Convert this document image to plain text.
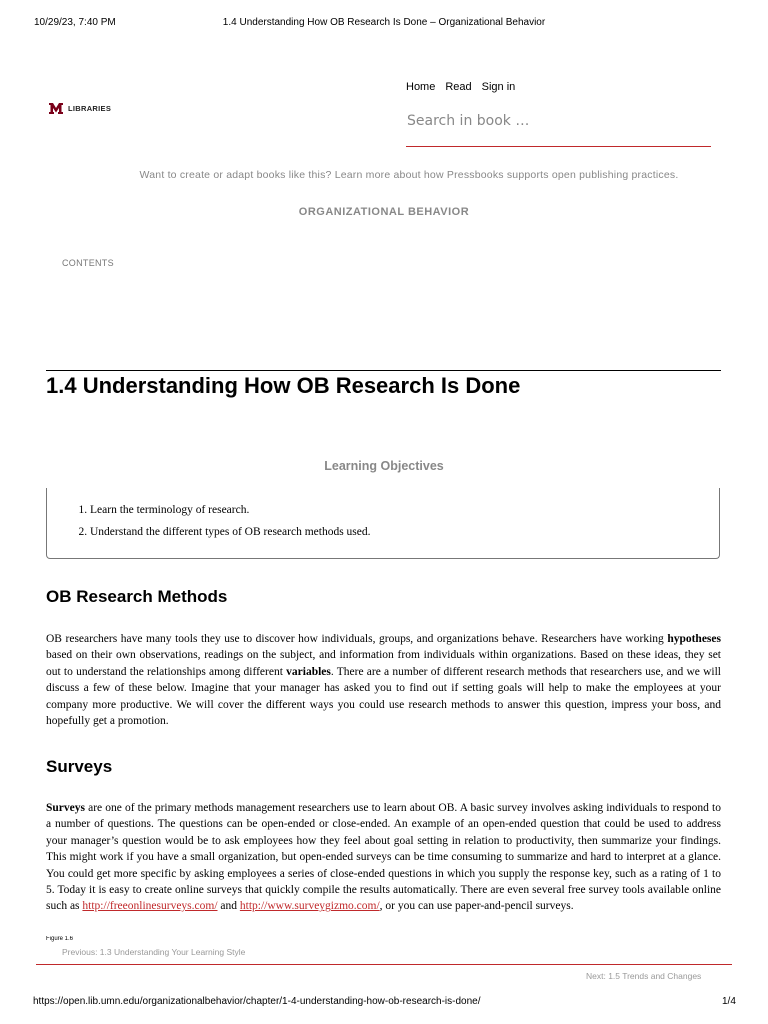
10/29/23, 7:40 PM	1.4 Understanding How OB Research Is Done – Organizational Behavior
LIBRARIES
Home Read Sign in
Search in book …
Want to create or adapt books like this? Learn more about how Pressbooks supports open publishing practices.
ORGANIZATIONAL BEHAVIOR
CONTENTS
1.4 Understanding How OB Research Is Done
Learning Objectives
1. Learn the terminology of research.
2. Understand the different types of OB research methods used.
OB Research Methods

OB researchers have many tools they use to discover how individuals, groups, and organizations behave. Researchers have working hypotheses based on their own observations, readings on the subject, and information from individuals within organizations. Based on these ideas, they set out to understand the relationships among different variables. There are a number of different research methods that researchers use, and we will discuss a few of these below. Imagine that your manager has asked you to find out if setting goals will help to make the employees at your company more productive. We will cover the different ways you could use research methods to answer this question, impress your boss, and hopefully get a promotion.

Surveys

Surveys are one of the primary methods management researchers use to learn about OB. A basic survey involves asking individuals to respond to a number of questions. The questions can be open-ended or close-ended. An example of an open-ended question that could be used to address your manager’s question would be to ask employees how they feel about goal setting in relation to productivity, then summarize your findings. This might work if you have a small organization, but open-ended surveys can be time consuming to summarize and hard to interpret at a glance. You could get more specific by asking employees a series of close-ended questions in which you supply the response key, such as a rating of 1 to 5. Today it is easy to create online surveys that quickly compile the results automatically. There are even several free survey tools available online such as http://freeonlinesurveys.com/ and http://www.surveygizmo.com/, or you can use paper-and-pencil surveys.

Figure 1.6
Previous: 1.3 Understanding Your Learning Style
Next: 1.5 Trends and Changes
https://open.lib.umn.edu/organizationalbehavior/chapter/1-4-understanding-how-ob-research-is-done/	1/4
